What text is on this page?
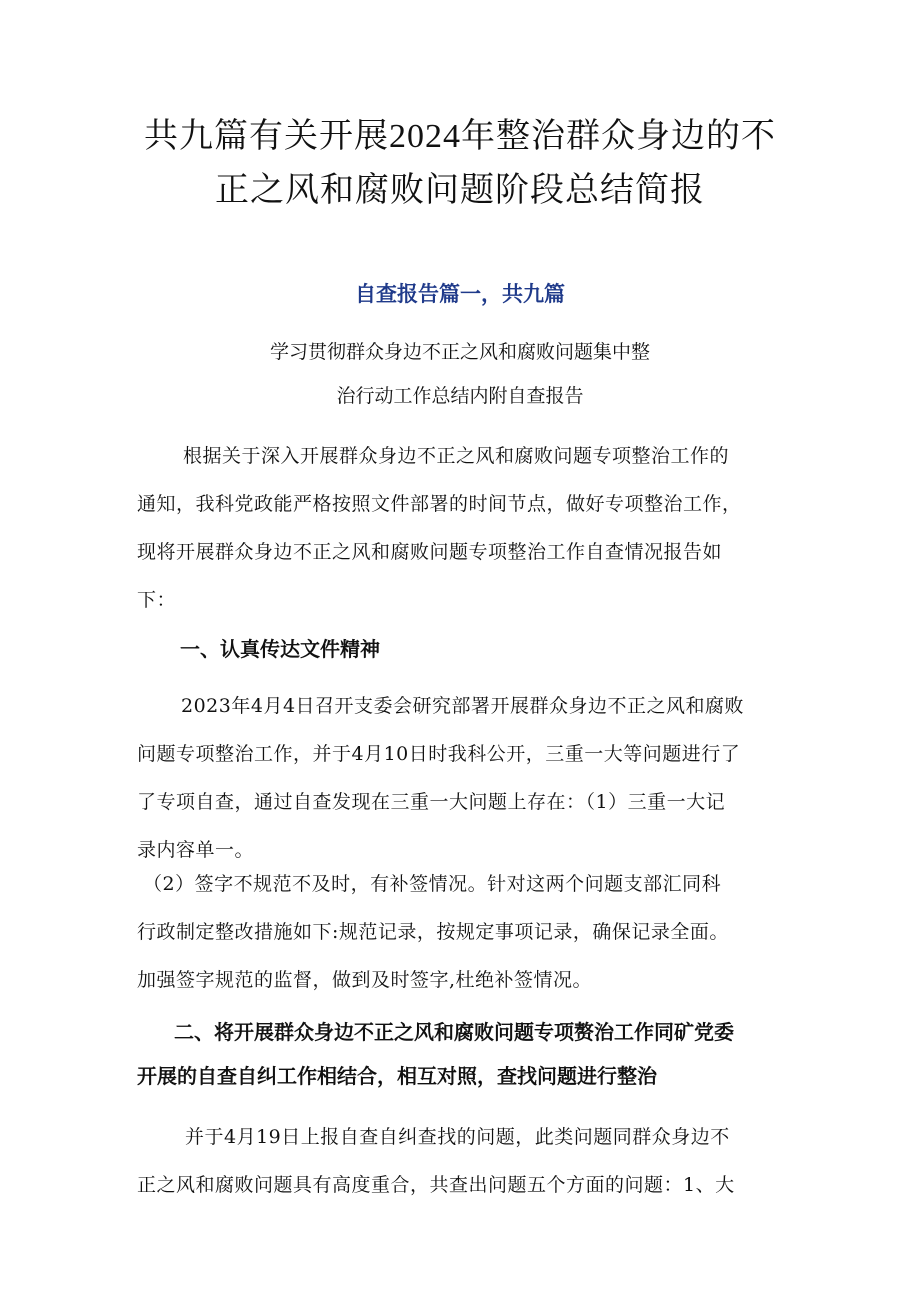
共九篇有关开展2024年整治群众身边的不
正之风和腐败问题阶段总结简报
自查报告篇一，共九篇
学习贯彻群众身边不正之风和腐败问题集中整
治行动工作总结内附自查报告
根据关于深入开展群众身边不正之风和腐败问题专项整治工作的
通知，我科党政能严格按照文件部署的时间节点，做好专项整治工作，
现将开展群众身边不正之风和腐败问题专项整治工作自查情况报告如
下：
一、认真传达文件精神
2023年4月4日召开支委会研究部署开展群众身边不正之风和腐败
问题专项整治工作，并于4月10日时我科公开，三重一大等问题进行了
了专项自查，通过自查发现在三重一大问题上存在：（1）三重一大记
录内容单一。
（2）签字不规范不及时，有补签情况。针对这两个问题支部汇同科
行政制定整改措施如下:规范记录，按规定事项记录，确保记录全面。
加强签字规范的监督，做到及时签字,杜绝补签情况。
二、将开展群众身边不正之风和腐败问题专项赘治工作同矿党委
开展的自查自纠工作相结合，相互对照，查找问题进行整治
并于4月19日上报自查自纠查找的问题，此类问题同群众身边不
正之风和腐败问题具有高度重合，共查出问题五个方面的问题：1、大
